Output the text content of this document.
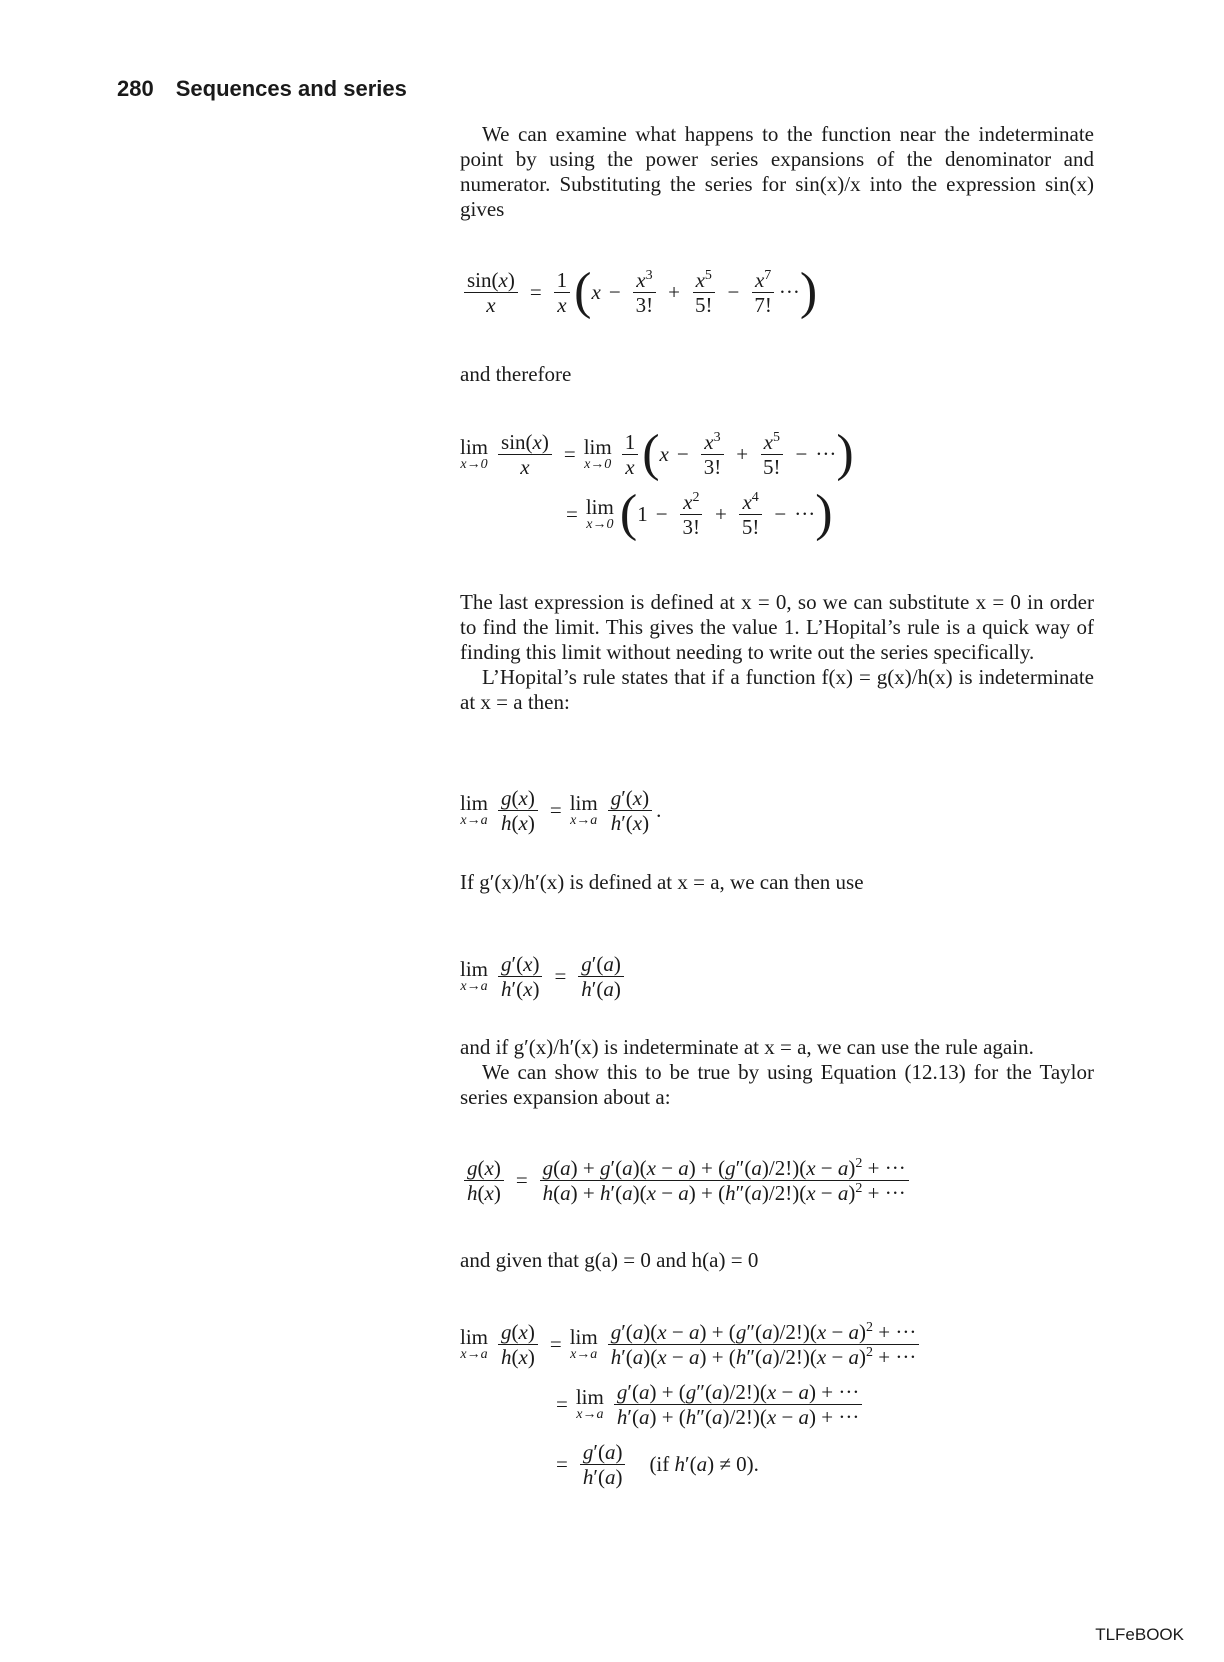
280 Sequences and series

We can examine what happens to the function near the indeterminate point by using the power series expansions of the denominator and numerator. Substituting the series for sin(x)/x into the expression sin(x) gives

$\frac{\sin(x)}{x} = \frac{1}{x}$ ( $x - \frac{x^3}{3!} + \frac{x^5}{5!} - \frac{x^7}{7!}$ ··· )

and therefore

lim
$x\to 0 \frac{\sin(x)}{x} = \lim$
$x\to 0 \frac{1}{x}$ ( $x - \frac{x^3}{3!} + \frac{x^5}{5!}$ − ··· )
= lim
x→0 ( $1 - \frac{x^2}{3!} + \frac{x^4}{5!}$ − ··· )

The last expression is defined at x = 0, so we can substitute x = 0 in order to find the limit. This gives the value 1. L’Hopital’s rule is a quick way of finding this limit without needing to write out the series specifically.

L’Hopital’s rule states that if a function f(x) = g(x)/h(x) is indeterminate at x = a then:

lim
$x\to a \frac{g(x)}{h(x)} = \lim$
$x\to a \frac{g'(x)}{h'(x)}$ .

If g′(x)/h′(x) is defined at x = a, we can then use

lim
$x\to a \frac{g'(x)}{h'(x)} = \frac{g'(a)}{h'(a)}$

and if g′(x)/h′(x) is indeterminate at x = a, we can use the rule again.

We can show this to be true by using Equation (12.13) for the Taylor series expansion about a:

$\frac{g(x)}{h(x)} = \frac{g(a) + g'(a)(x - a) + (g''(a)/2!)(x - a)^2 + \cdot\cdot\cdot}{h(a) + h'(a)(x - a) + (h''(a)/2!)(x - a)^2 + \cdot\cdot\cdot}$

and given that g(a) = 0 and h(a) = 0

lim
$x\to a \frac{g(x)}{h(x)} = \lim$
$x\to a \frac{g'(a)(x - a) + (g''(a)/2!)(x - a)^2 + \cdot\cdot\cdot}{h'(a)(x - a) + (h''(a)/2!)(x - a)^2 + \cdot\cdot\cdot}$
= lim
$x\to a \frac{g'(a) + (g''(a)/2!)(x - a) + \cdot\cdot\cdot}{h'(a) + (h''(a)/2!)(x - a) + \cdot\cdot\cdot}$
= $\frac{g'(a)}{h'(a)} (if$ h′(a) ≠ 0).
TLFeBOOK
